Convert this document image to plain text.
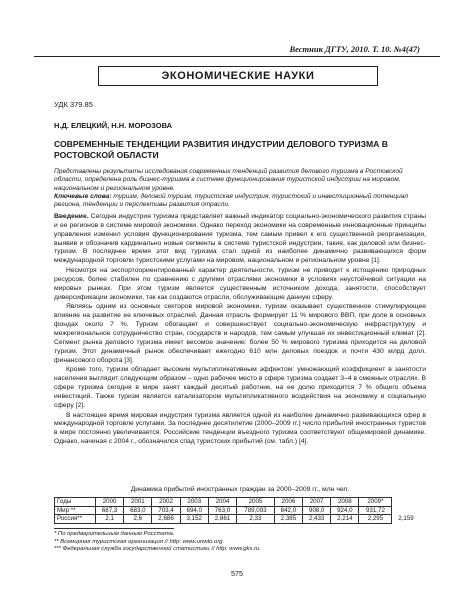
Вестник ДГТУ, 2010. Т. 10. №4(47)
ЭКОНОМИЧЕСКИЕ НАУКИ
УДК 379.85
Н.Д. ЕЛЕЦКИЙ, Н.Н. МОРОЗОВА
СОВРЕМЕННЫЕ ТЕНДЕНЦИИ РАЗВИТИЯ ИНДУСТРИИ ДЕЛОВОГО ТУРИЗМА В РОСТОВСКОЙ ОБЛАСТИ
Представлены результаты исследования современных тенденций развития делового туризма в Ростовской области, определена роль бизнес-туризма в системе функционирования туристской индустрии на мировом, национальном и региональном уровне.
Ключевые слова: туризм, деловой туризм, туристская индустрия, туристский и инвестиционный потенциал региона, тенденции и перспективы развития отрасли.

Введение. Сегодня индустрия туризма представляет важный индикатор социально-экономического развития страны и ее регионов в системе мировой экономики. Однако переход экономики на современные инновационные принципы управления изменил условия функционирования туризма, тем самым привел к его существенной реорганизации, выявив и обозначив кардинально новые сегменты в системе туристской индустрии, такие, как деловой или бизнес-туризм. В последнее время этот вид туризма стал одной из наиболее динамично развивающихся форм международной торговли туристскими услугами на мировом, национальном и региональном уровне [1].

Несмотря на экспортоориентированный характер деятельности, туризм не приводит к истощению природных ресурсов, более стабилен по сравнению с другими отраслями экономики в условиях неустойчивой ситуации на мировых рынках. При этом туризм является существенным источником дохода, занятости, способствует диверсификации экономики, так как создаются отрасли, обслуживающие данную сферу.

Являясь одним из основных секторов мировой экономики, туризм оказывает существенное стимулирующее влияние на развитие ее ключевых отраслей. Данная отрасль формирует 11 % мирового ВВП, при доле в основных фондах около 7 %. Туризм обогащает и совершенствует социально-экономическую инфраструктуру и межрегиональное сотрудничество стран, государств и народов, тем самым улучшая их инвестиционный климат [2]. Сегмент рынка делового туризма имеет весомое значение: более 50 % мирового туризма приходится на деловой туризм. Этот динамичный рынок обеспечивает ежегодно 610 млн деловых поездок и почти 430 млрд долл. финансового оборота [3].

Кроме того, туризм обладает высоким мультипликативным эффектом: умножающий коэффициент в занятости населения выглядит следующим образом – одно рабочее место в сфере туризма создает 3–4 в смежных отраслях. В сфере туризма сегодня в мире занят каждый десятый работник, на ее долю приходится 7 % общего объема инвестиций. Также туризм является катализатором мультипликативного воздействия на экономику и социальную сферу [2].

В настоящее время мировая индустрия туризма является одной из наиболее динамично развивающихся сфер в международной торговле услугами. За последнее десятилетие (2000–2009 гг.) число прибытий иностранных туристов в мире постоянно увеличивается. Российские тенденции въездного туризма соответствуют общемировой динамике. Однако, начиная с 2004 г., обозначился спад туристских прибытий (см. табл.) [4].

Динамика прибытий иностранных граждан за 2000–2009 гг., млн чел.
Годы	2000	2001	2002	2003	2004	2005	2006	2007	2008	2009*	
Мир **	687,3	683,0	703,4	694,0	763,0	789,093	842,0	908,0	924,0	931,72	
Россия**	2,1	2,6	2,686	3,152	2,861	2,33	2,385	2,433	2,214	2,295	2,159
* По предварительным данным Росстата.
** Всемирная туристская организация // http: www.unwto.org.
*** Федеральная служба государственной статистики // http: www.gks.ru.
575
